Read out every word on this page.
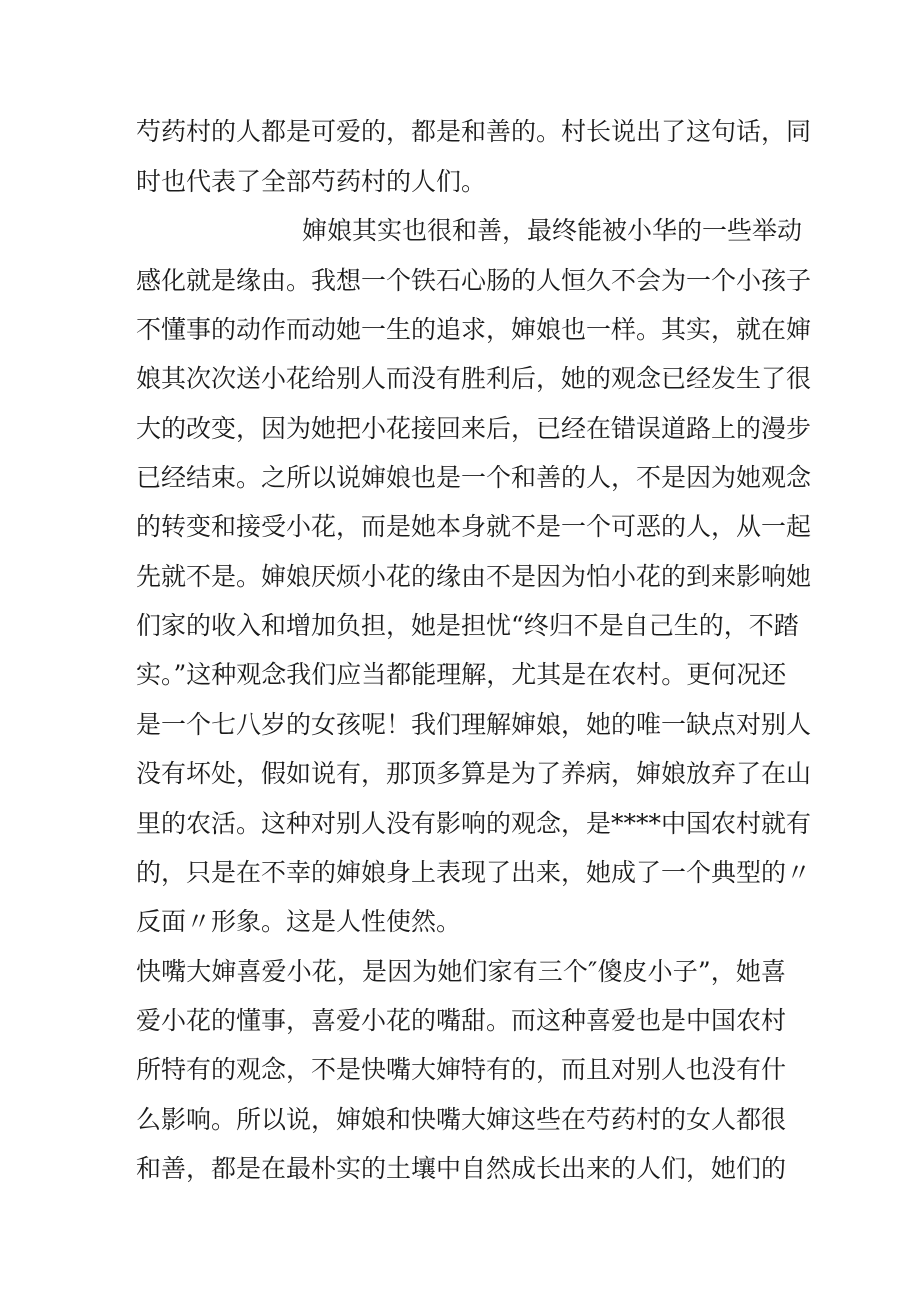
芍药村的人都是可爱的，都是和善的。村长说出了这句话，同
时也代表了全部芍药村的人们。
婶娘其实也很和善，最终能被小华的一些举动
感化就是缘由。我想一个铁石心肠的人恒久不会为一个小孩子
不懂事的动作而动她一生的追求，婶娘也一样。其实，就在婶
娘其次次送小花给别人而没有胜利后，她的观念已经发生了很
大的改变，因为她把小花接回来后，已经在错误道路上的漫步
已经结束。之所以说婶娘也是一个和善的人，不是因为她观念
的转变和接受小花，而是她本身就不是一个可恶的人，从一起
先就不是。婶娘厌烦小花的缘由不是因为怕小花的到来影响她
们家的收入和增加负担，她是担忧“终归不是自己生的，不踏
实。”这种观念我们应当都能理解，尤其是在农村。更何况还
是一个七八岁的女孩呢！我们理解婶娘，她的唯一缺点对别人
没有坏处，假如说有，那顶多算是为了养病，婶娘放弃了在山
里的农活。这种对别人没有影响的观念，是****中国农村就有
的，只是在不幸的婶娘身上表现了出来，她成了一个典型的〃
反面〃形象。这是人性使然。
快嘴大婶喜爱小花，是因为她们家有三个″傻皮小子”，她喜
爱小花的懂事，喜爱小花的嘴甜。而这种喜爱也是中国农村
所特有的观念，不是快嘴大婶特有的，而且对别人也没有什
么影响。所以说，婶娘和快嘴大婶这些在芍药村的女人都很
和善，都是在最朴实的土壤中自然成长出来的人们，她们的
